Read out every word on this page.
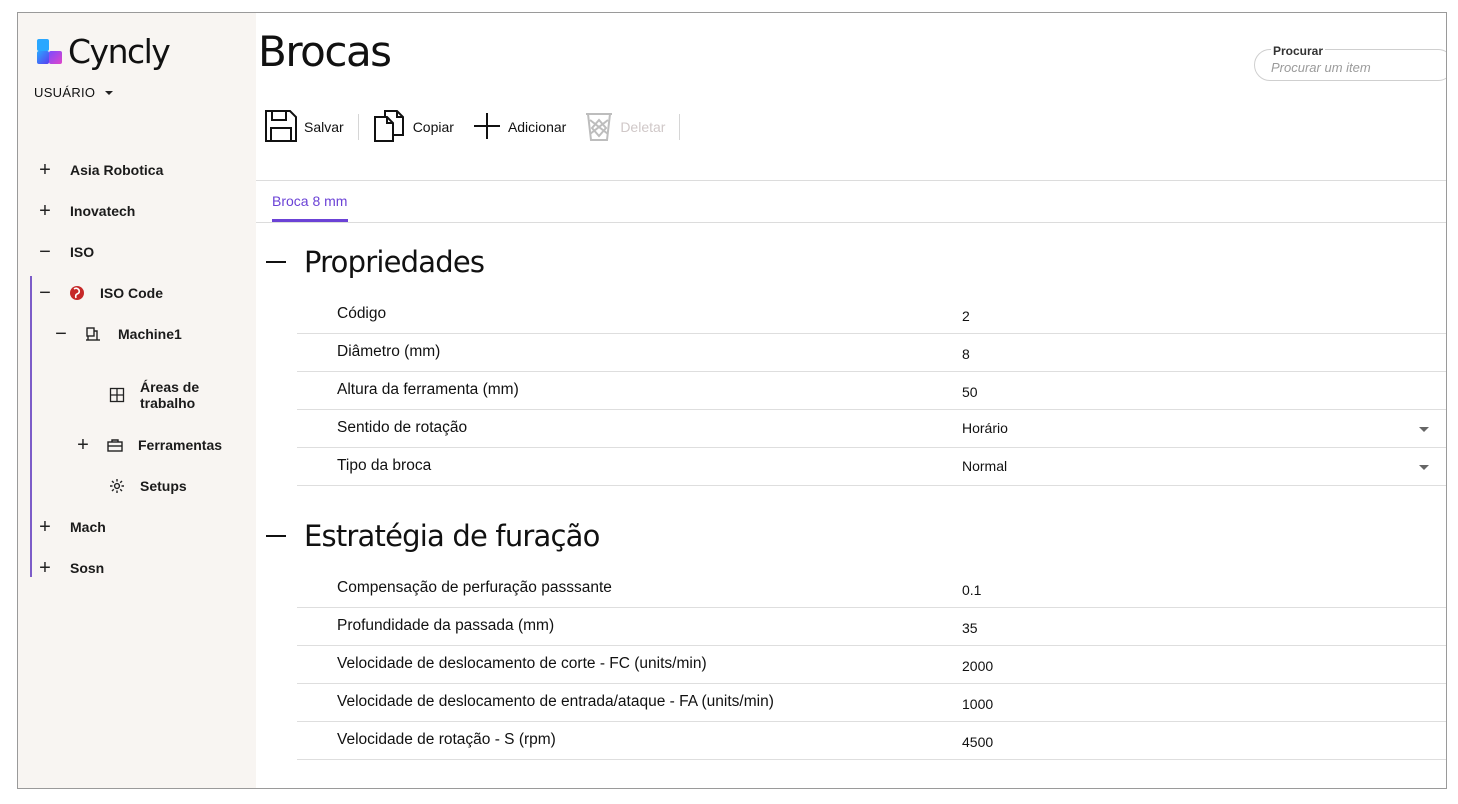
Cyncly
USUÁRIO
+ Asia Robotica
+ Inovatech
− ISO
−	ISO Code
−	Machine1
Áreas de trabalho
+	Ferramentas
Setups
+ Mach
+ Sosn
Brocas	Procurar
Procurar um item
Salvar	Copiar	Adicionar	Deletar
Broca 8 mm
Propriedades
Código	2
Diâmetro (mm)	8
Altura da ferramenta (mm)	50
Sentido de rotação	Horário
Tipo da broca	Normal
Estratégia de furação
Compensação de perfuração passsante	0.1
Profundidade da passada (mm)	35
Velocidade de deslocamento de corte - FC (units/min)	2000
Velocidade de deslocamento de entrada/ataque - FA (units/min)	1000
Velocidade de rotação - S (rpm)	4500
